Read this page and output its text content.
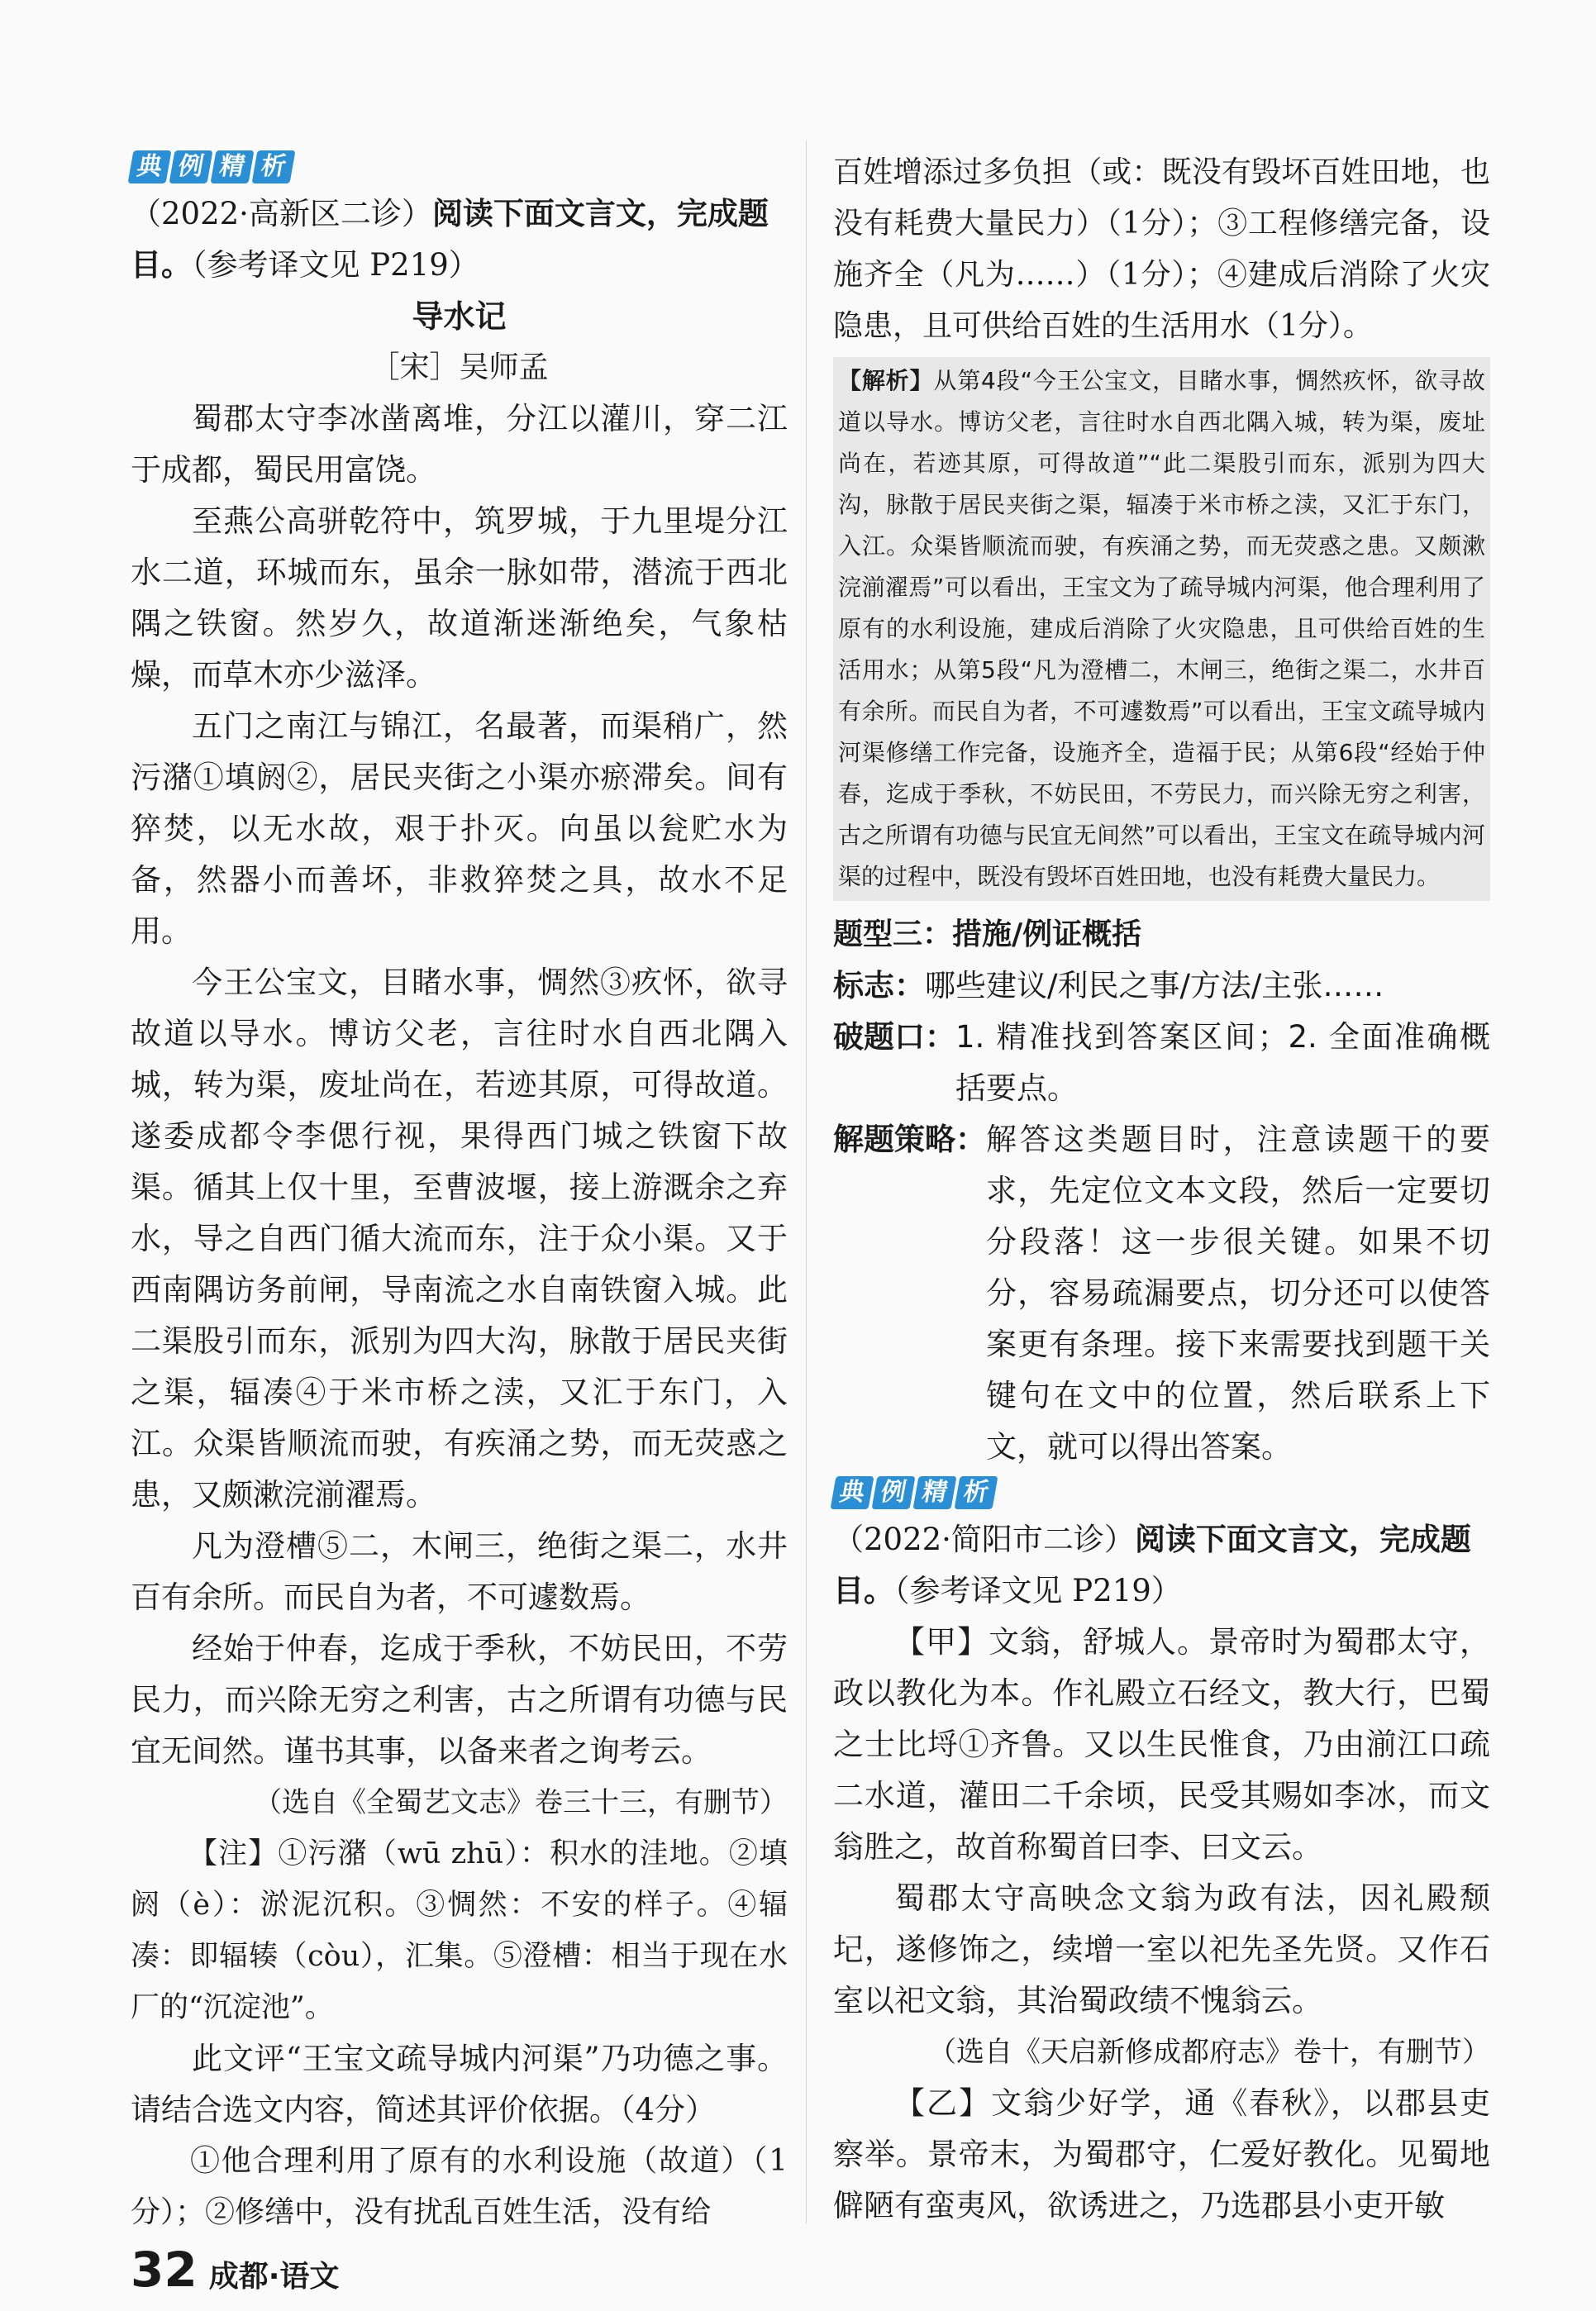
典 例 精 析

（2022·高新区二诊）阅读下面文言文，完成题目。（参考译文见 P219）

导水记

［宋］吴师孟

蜀郡太守李冰凿离堆，分江以灌川，穿二江于成都，蜀民用富饶。

至燕公高骈乾符中，筑罗城，于九里堤分江水二道，环城而东，虽余一脉如带，潜流于西北隅之铁窗。然岁久，故道渐迷渐绝矣，气象枯燥，而草木亦少滋泽。

五门之南江与锦江，名最著，而渠稍广，然污潴①填阏②，居民夹街之小渠亦瘀滞矣。间有猝焚，以无水故，艰于扑灭。向虽以瓮贮水为备，然器小而善坏，非救猝焚之具，故水不足用。

今王公宝文，目睹水事，惆然③疚怀，欲寻故道以导水。博访父老，言往时水自西北隅入城，转为渠，废址尚在，若迹其原，可得故道。遂委成都令李偲行视，果得西门城之铁窗下故渠。循其上仅十里，至曹波堰，接上游溉余之弃水，导之自西门循大流而东，注于众小渠。又于西南隅访务前闸，导南流之水自南铁窗入城。此二渠股引而东，派别为四大沟，脉散于居民夹街之渠，辐凑④于米市桥之渎，又汇于东门，入江。众渠皆顺流而驶，有疾涌之势，而无荧惑之患，又颇漱浣湔濯焉。

凡为澄槽⑤二，木闸三，绝街之渠二，水井百有余所。而民自为者，不可遽数焉。

经始于仲春，迄成于季秋，不妨民田，不劳民力，而兴除无穷之利害，古之所谓有功德与民宜无间然。谨书其事，以备来者之询考云。

（选自《全蜀艺文志》卷三十三，有删节）

【注】①污潴（wū zhū）：积水的洼地。②填阏（è）：淤泥沉积。③惆然：不安的样子。④辐凑：即辐辏（còu），汇集。⑤澄槽：相当于现在水厂的“沉淀池”。

此文评“王宝文疏导城内河渠”乃功德之事。请结合选文内容，简述其评价依据。（4分）

①他合理利用了原有的水利设施（故道）（1分）；②修缮中，没有扰乱百姓生活，没有给

百姓增添过多负担（或：既没有毁坏百姓田地，也没有耗费大量民力）（1分）；③工程修缮完备，设施齐全（凡为……）（1分）；④建成后消除了火灾隐患，且可供给百姓的生活用水（1分）。

【解析】从第4段“今王公宝文，目睹水事，惆然疚怀，欲寻故道以导水。博访父老，言往时水自西北隅入城，转为渠，废址尚在，若迹其原，可得故道”“此二渠股引而东，派别为四大沟，脉散于居民夹街之渠，辐凑于米市桥之渎，又汇于东门，入江。众渠皆顺流而驶，有疾涌之势，而无荧惑之患。又颇漱浣湔濯焉”可以看出，王宝文为了疏导城内河渠，他合理利用了原有的水利设施，建成后消除了火灾隐患，且可供给百姓的生活用水；从第5段“凡为澄槽二，木闸三，绝街之渠二，水井百有余所。而民自为者，不可遽数焉”可以看出，王宝文疏导城内河渠修缮工作完备，设施齐全，造福于民；从第6段“经始于仲春，迄成于季秋，不妨民田，不劳民力，而兴除无穷之利害，古之所谓有功德与民宜无间然”可以看出，王宝文在疏导城内河渠的过程中，既没有毁坏百姓田地，也没有耗费大量民力。

题型三：措施/例证概括

标志： 哪些建议/利民之事/方法/主张……
破题口： 1. 精准找到答案区间；2. 全面准确概括要点。
解题策略： 解答这类题目时，注意读题干的要求，先定位文本文段，然后一定要切分段落！这一步很关键。如果不切分，容易疏漏要点，切分还可以使答案更有条理。接下来需要找到题干关键句在文中的位置，然后联系上下文，就可以得出答案。
典 例 精 析

（2022·简阳市二诊）阅读下面文言文，完成题目。（参考译文见 P219）

【甲】文翁，舒城人。景帝时为蜀郡太守，政以教化为本。作礼殿立石经文，教大行，巴蜀之士比埒①齐鲁。又以生民惟食，乃由湔江口疏二水道，灌田二千余顷，民受其赐如李冰，而文翁胜之，故首称蜀首曰李、曰文云。

蜀郡太守高映念文翁为政有法，因礼殿颓圮，遂修饰之，续增一室以祀先圣先贤。又作石室以祀文翁，其治蜀政绩不愧翁云。

（选自《天启新修成都府志》卷十，有删节）

【乙】文翁少好学，通《春秋》，以郡县吏察举。景帝末，为蜀郡守，仁爱好教化。见蜀地僻陋有蛮夷风，欲诱进之，乃选郡县小吏开敏

32 成都·语文
